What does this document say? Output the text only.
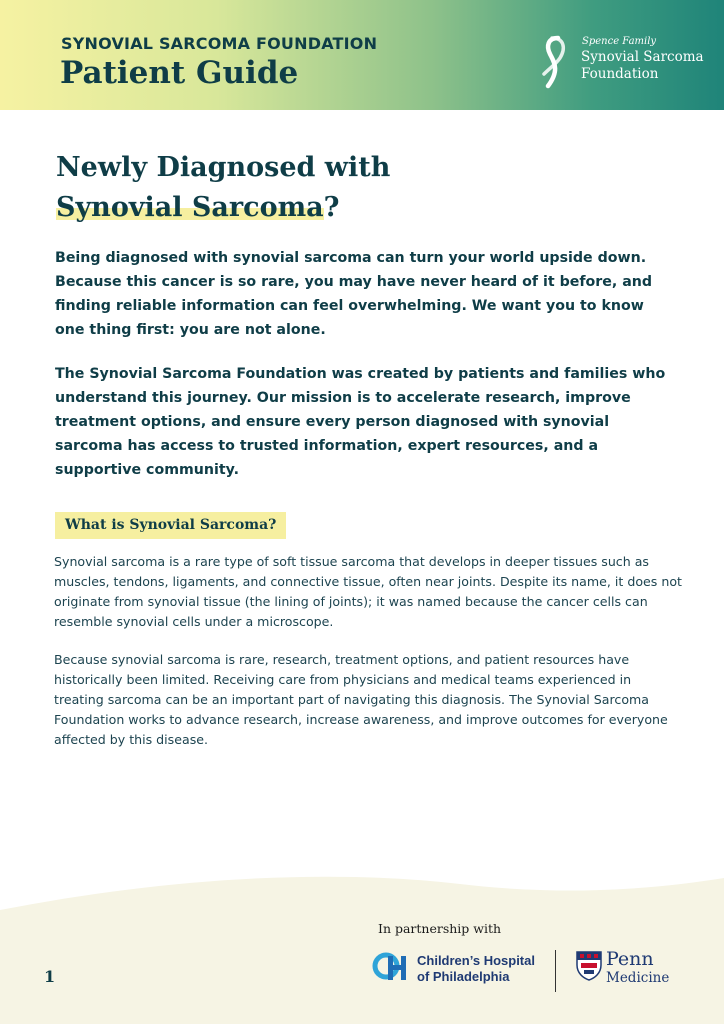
SYNOVIAL SARCOMA FOUNDATION
Patient Guide
Spence Family
Synovial Sarcoma
Foundation
Newly Diagnosed with
Synovial Sarcoma?

Being diagnosed with synovial sarcoma can turn your world upside down. Because this cancer is so rare, you may have never heard of it before, and finding reliable information can feel overwhelming. We want you to know one thing first: you are not alone.

The Synovial Sarcoma Foundation was created by patients and families who understand this journey. Our mission is to accelerate research, improve treatment options, and ensure every person diagnosed with synovial sarcoma has access to trusted information, expert resources, and a supportive community.

What is Synovial Sarcoma?

Synovial sarcoma is a rare type of soft tissue sarcoma that develops in deeper tissues such as muscles, tendons, ligaments, and connective tissue, often near joints. Despite its name, it does not originate from synovial tissue (the lining of joints); it was named because the cancer cells can resemble synovial cells under a microscope.

Because synovial sarcoma is rare, research, treatment options, and patient resources have historically been limited. Receiving care from physicians and medical teams experienced in treating sarcoma can be an important part of navigating this diagnosis. The Synovial Sarcoma Foundation works to advance research, increase awareness, and improve outcomes for everyone affected by this disease.

In partnership with
1
Children’s Hospital
of Philadelphia
Penn
Medicine
